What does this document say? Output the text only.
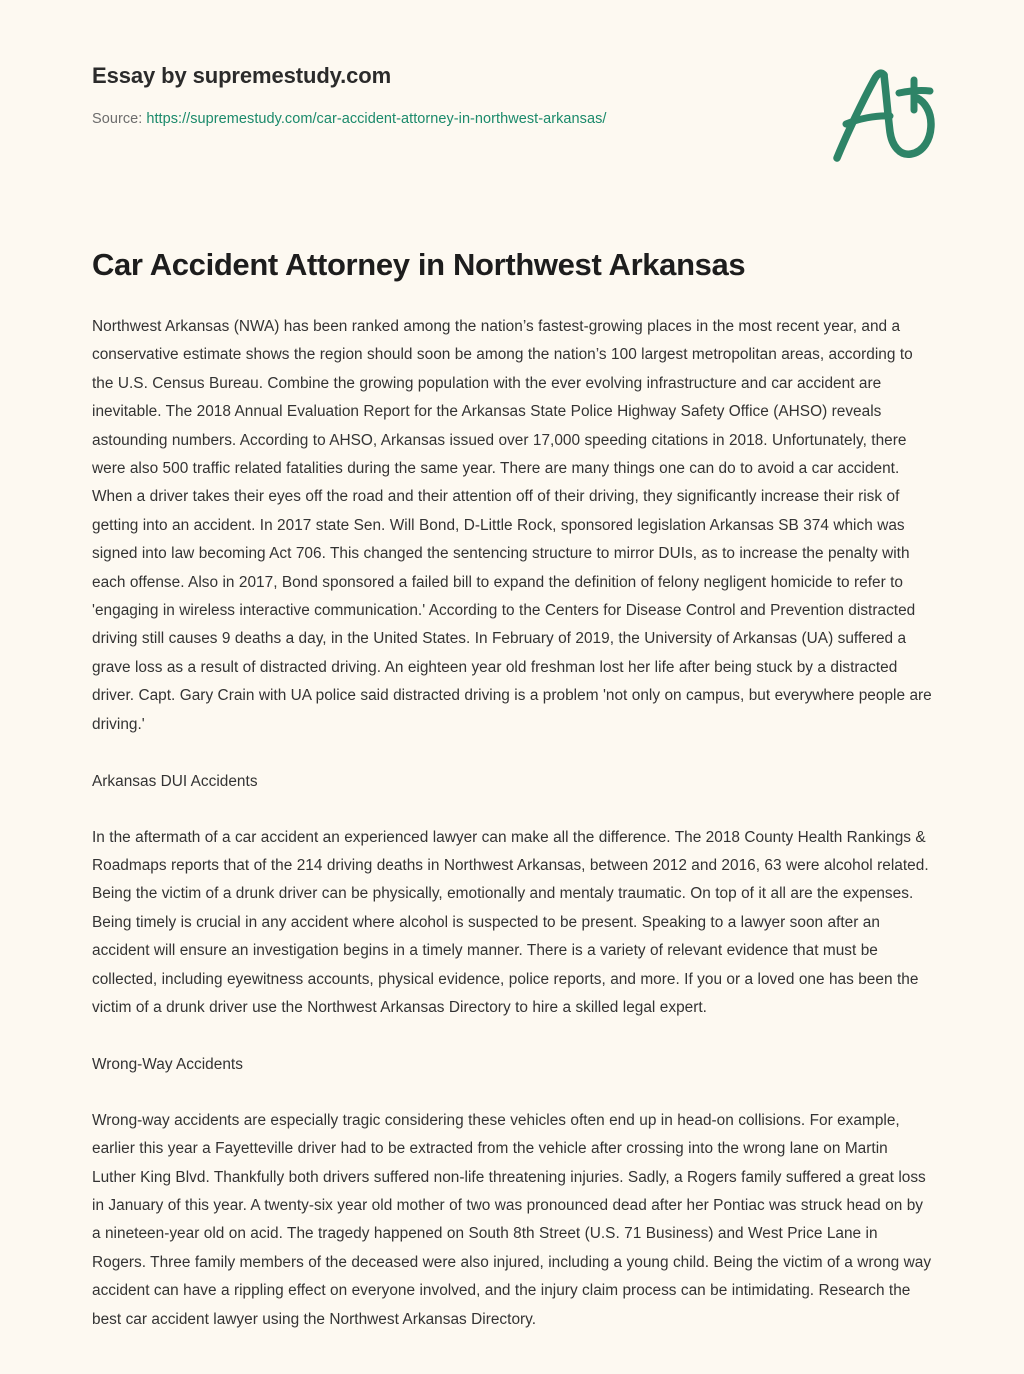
Essay by supremestudy.com
Source: https://supremestudy.com/car-accident-attorney-in-northwest-arkansas/
Car Accident Attorney in Northwest Arkansas

Northwest Arkansas (NWA) has been ranked among the nation’s fastest-growing places in the most recent year, and a conservative estimate shows the region should soon be among the nation’s 100 largest metropolitan areas, according to the U.S. Census Bureau. Combine the growing population with the ever evolving infrastructure and car accident are inevitable. The 2018 Annual Evaluation Report for the Arkansas State Police Highway Safety Office (AHSO) reveals astounding numbers. According to AHSO, Arkansas issued over 17,000 speeding citations in 2018. Unfortunately, there were also 500 traffic related fatalities during the same year. There are many things one can do to avoid a car accident. When a driver takes their eyes off the road and their attention off of their driving, they significantly increase their risk of getting into an accident. In 2017 state Sen. Will Bond, D-Little Rock, sponsored legislation Arkansas SB 374 which was signed into law becoming Act 706. This changed the sentencing structure to mirror DUIs, as to increase the penalty with each offense. Also in 2017, Bond sponsored a failed bill to expand the definition of felony negligent homicide to refer to 'engaging in wireless interactive communication.' According to the Centers for Disease Control and Prevention distracted driving still causes 9 deaths a day, in the United States. In February of 2019, the University of Arkansas (UA) suffered a grave loss as a result of distracted driving. An eighteen year old freshman lost her life after being stuck by a distracted driver. Capt. Gary Crain with UA police said distracted driving is a problem 'not only on campus, but everywhere people are driving.'

Arkansas DUI Accidents

In the aftermath of a car accident an experienced lawyer can make all the difference. The 2018 County Health Rankings & Roadmaps reports that of the 214 driving deaths in Northwest Arkansas, between 2012 and 2016, 63 were alcohol related. Being the victim of a drunk driver can be physically, emotionally and mentaly traumatic. On top of it all are the expenses. Being timely is crucial in any accident where alcohol is suspected to be present. Speaking to a lawyer soon after an accident will ensure an investigation begins in a timely manner. There is a variety of relevant evidence that must be collected, including eyewitness accounts, physical evidence, police reports, and more. If you or a loved one has been the victim of a drunk driver use the Northwest Arkansas Directory to hire a skilled legal expert.

Wrong-Way Accidents

Wrong-way accidents are especially tragic considering these vehicles often end up in head-on collisions. For example, earlier this year a Fayetteville driver had to be extracted from the vehicle after crossing into the wrong lane on Martin Luther King Blvd. Thankfully both drivers suffered non-life threatening injuries. Sadly, a Rogers family suffered a great loss in January of this year. A twenty-six year old mother of two was pronounced dead after her Pontiac was struck head on by a nineteen-year old on acid. The tragedy happened on South 8th Street (U.S. 71 Business) and West Price Lane in Rogers. Three family members of the deceased were also injured, including a young child. Being the victim of a wrong way accident can have a rippling effect on everyone involved, and the injury claim process can be intimidating. Research the best car accident lawyer using the Northwest Arkansas Directory.
